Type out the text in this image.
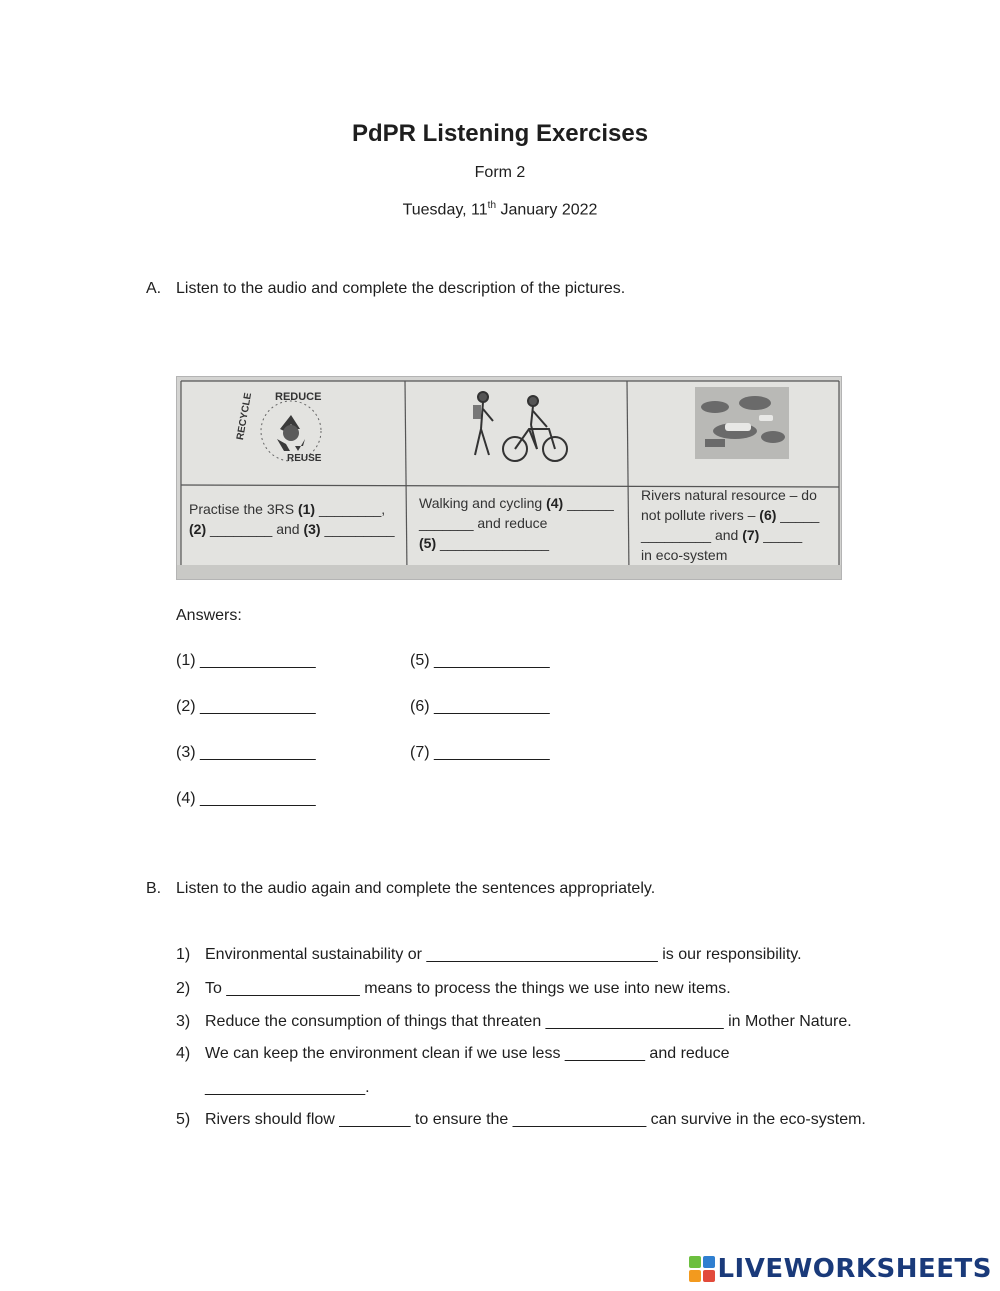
PdPR Listening Exercises
Form 2
Tuesday, 11th January 2022
A. Listen to the audio and complete the description of the pictures.
REDUCE
REUSE
RECYCLE
Practise the 3RS (1) ________,
(2) ________ and (3) _________
Walking and cycling (4) ______
_______ and reduce
(5) ______________
Rivers natural resource – do
not pollute rivers – (6) _____
_________ and (7) _____
in eco-system
Answers:
(1) _____________
(2) _____________
(3) _____________
(4) _____________
(5) _____________
(6) _____________
(7) _____________
B. Listen to the audio again and complete the sentences appropriately.
1) Environmental sustainability or __________________________ is our responsibility.
2) To _______________ means to process the things we use into new items.
3) Reduce the consumption of things that threaten ____________________ in Mother Nature.
4) We can keep the environment clean if we use less _________ and reduce
__________________.
5) Rivers should flow ________ to ensure the _______________ can survive in the eco-system.
LIVEWORKSHEETS
